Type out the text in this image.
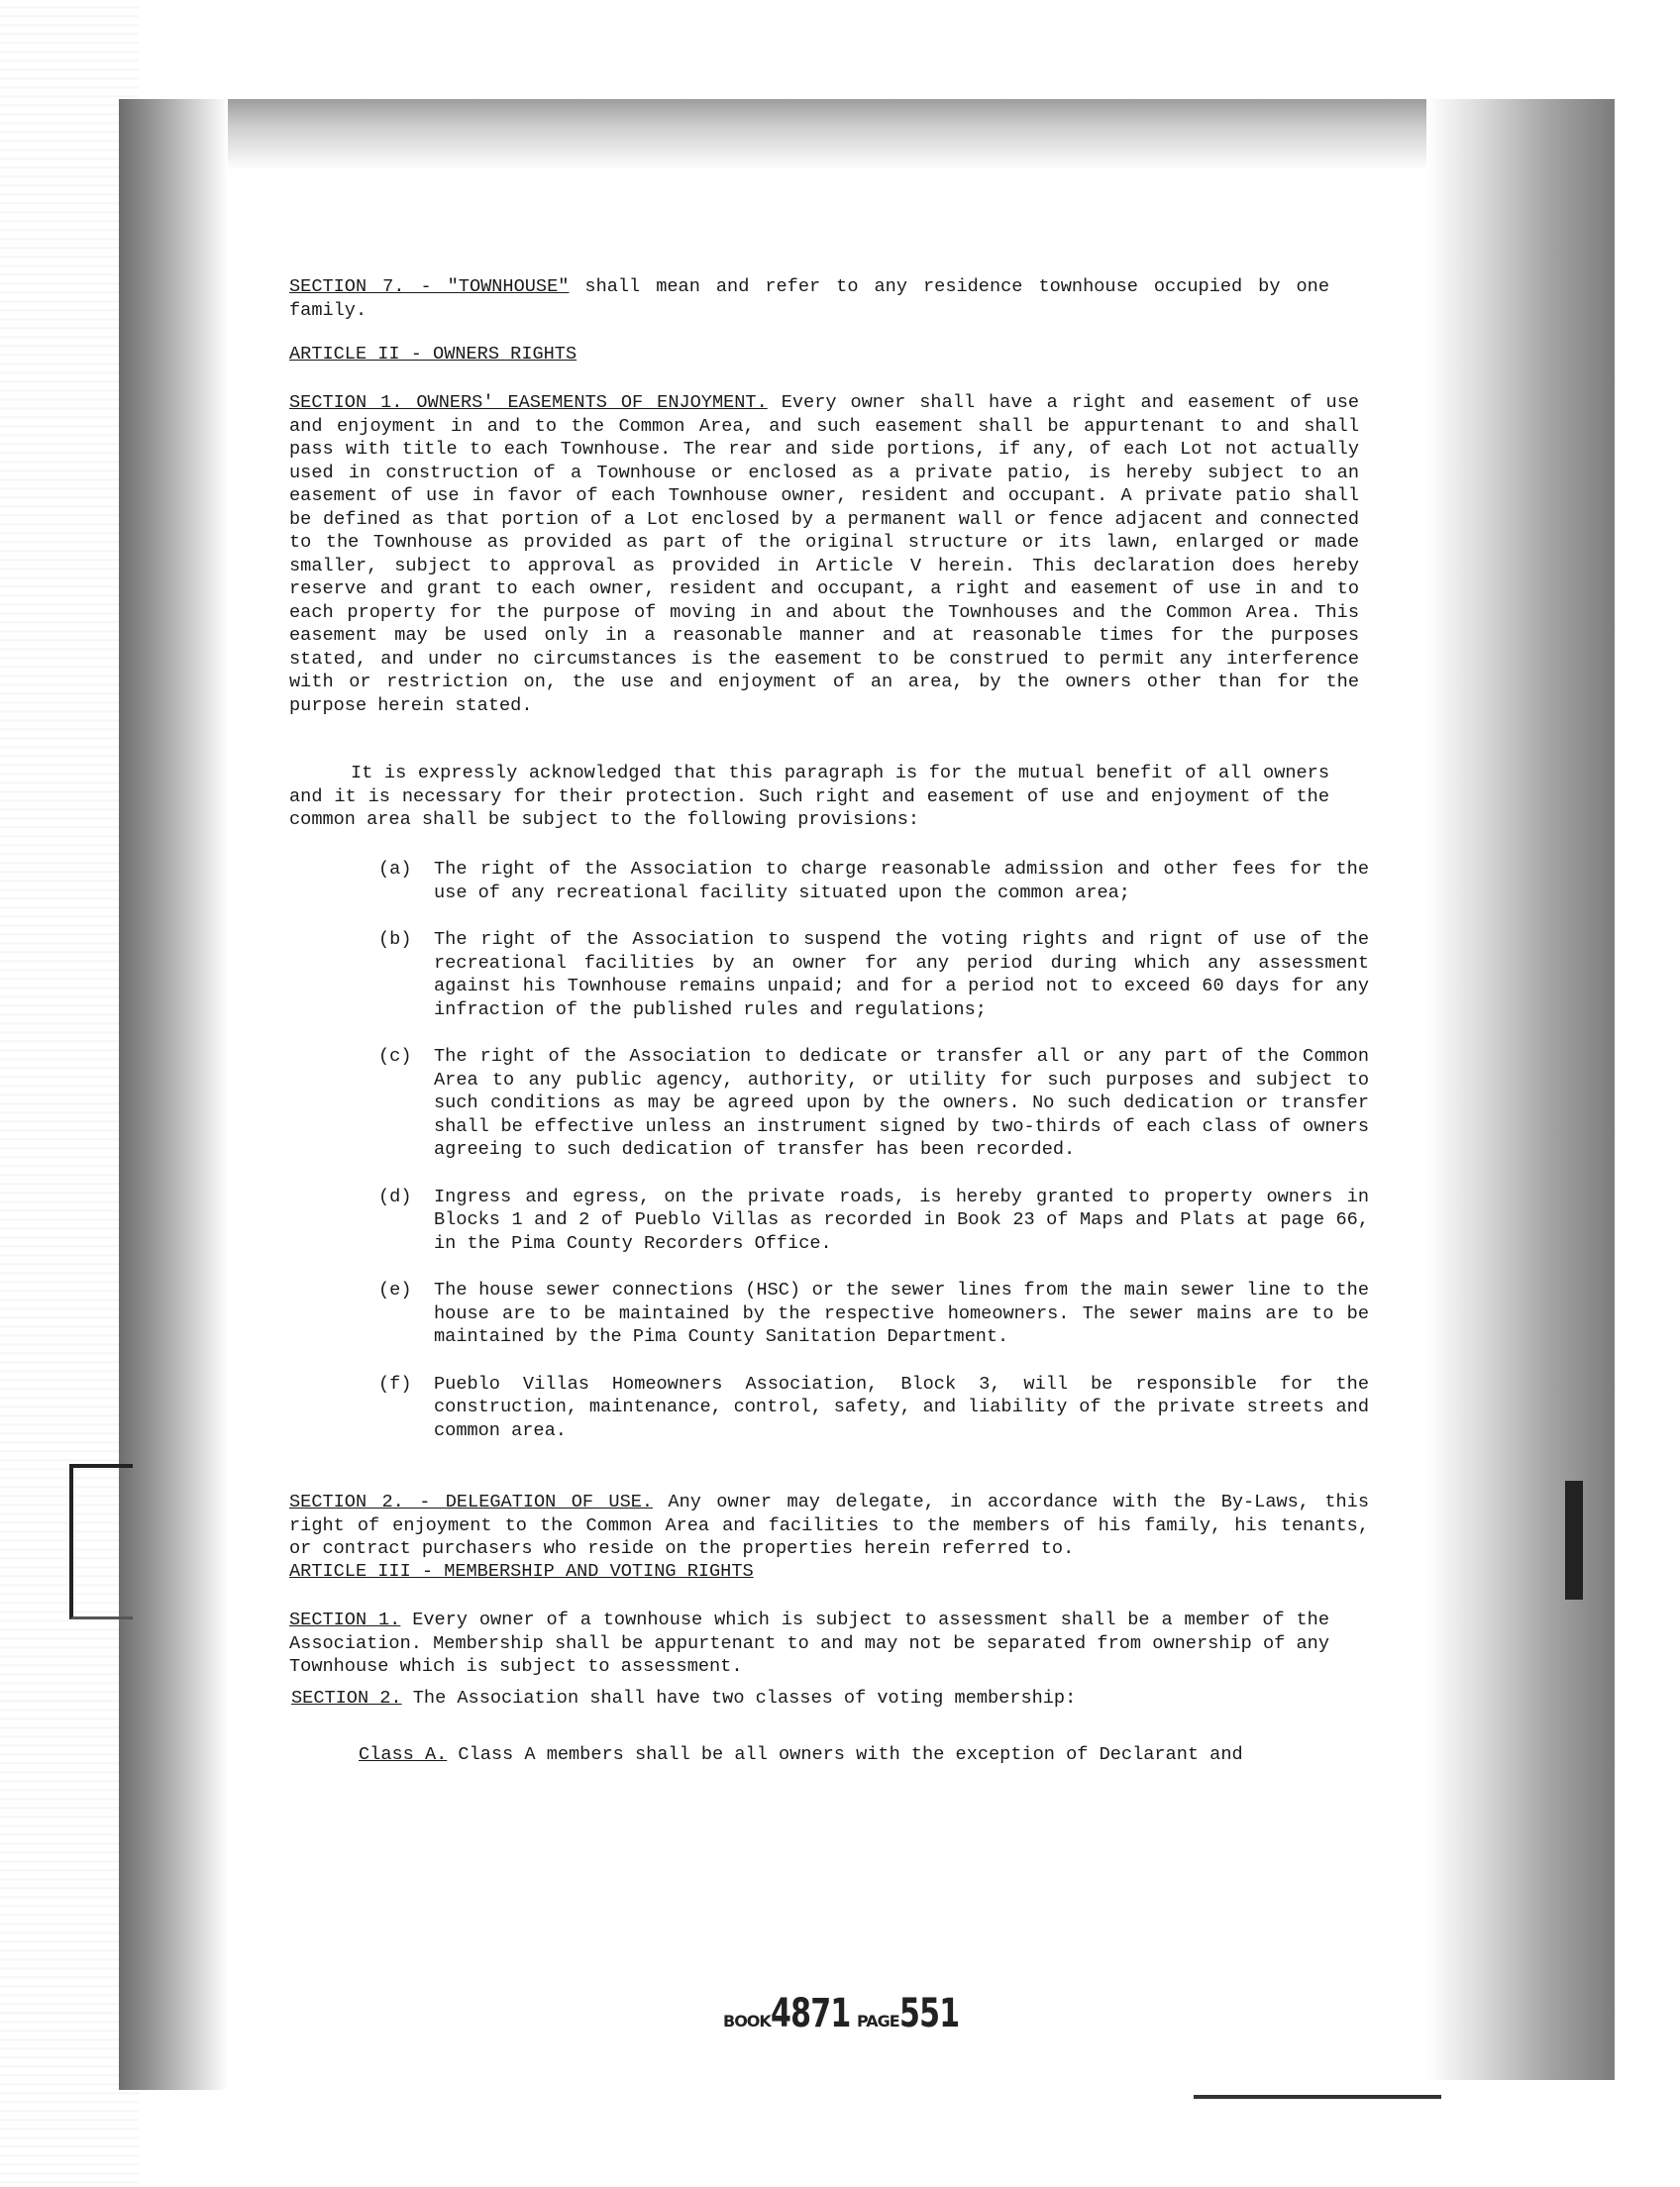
SECTION 7. - "TOWNHOUSE" shall mean and refer to any residence townhouse occupied by one family.

ARTICLE II - OWNERS RIGHTS

SECTION 1. OWNERS' EASEMENTS OF ENJOYMENT. Every owner shall have a right and easement of use and enjoyment in and to the Common Area, and such easement shall be appurtenant to and shall pass with title to each Townhouse. The rear and side portions, if any, of each Lot not actually used in construction of a Townhouse or enclosed as a private patio, is hereby subject to an easement of use in favor of each Townhouse owner, resident and occupant. A private patio shall be defined as that portion of a Lot enclosed by a permanent wall or fence adjacent and connected to the Townhouse as provided as part of the original structure or its lawn, enlarged or made smaller, subject to approval as provided in Article V herein. This declaration does hereby reserve and grant to each owner, resident and occupant, a right and easement of use in and to each property for the purpose of moving in and about the Townhouses and the Common Area. This easement may be used only in a reasonable manner and at reasonable times for the purposes stated, and under no circumstances is the easement to be construed to permit any interference with or restriction on, the use and enjoyment of an area, by the owners other than for the purpose herein stated.

It is expressly acknowledged that this paragraph is for the mutual benefit of all owners and it is necessary for their protection. Such right and easement of use and enjoyment of the common area shall be subject to the following provisions:

(a) The right of the Association to charge reasonable admission and other fees for the use of any recreational facility situated upon the common area;

(b) The right of the Association to suspend the voting rights and rignt of use of the recreational facilities by an owner for any period during which any assessment against his Townhouse remains unpaid; and for a period not to exceed 60 days for any infraction of the published rules and regulations;

(c) The right of the Association to dedicate or transfer all or any part of the Common Area to any public agency, authority, or utility for such purposes and subject to such conditions as may be agreed upon by the owners. No such dedication or transfer shall be effective unless an instrument signed by two-thirds of each class of owners agreeing to such dedication of transfer has been recorded.

(d) Ingress and egress, on the private roads, is hereby granted to property owners in Blocks 1 and 2 of Pueblo Villas as recorded in Book 23 of Maps and Plats at page 66, in the Pima County Recorders Office.

(e) The house sewer connections (HSC) or the sewer lines from the main sewer line to the house are to be maintained by the respective homeowners. The sewer mains are to be maintained by the Pima County Sanitation Department.

(f) Pueblo Villas Homeowners Association, Block 3, will be responsible for the construction, maintenance, control, safety, and liability of the private streets and common area.

SECTION 2. - DELEGATION OF USE. Any owner may delegate, in accordance with the By-Laws, this right of enjoyment to the Common Area and facilities to the members of his family, his tenants, or contract purchasers who reside on the properties herein referred to.

ARTICLE III - MEMBERSHIP AND VOTING RIGHTS

SECTION 1. Every owner of a townhouse which is subject to assessment shall be a member of the Association. Membership shall be appurtenant to and may not be separated from ownership of any Townhouse which is subject to assessment.

SECTION 2. The Association shall have two classes of voting membership:

Class A. Class A members shall be all owners with the exception of Declarant and

BOOK4871 PAGE551
